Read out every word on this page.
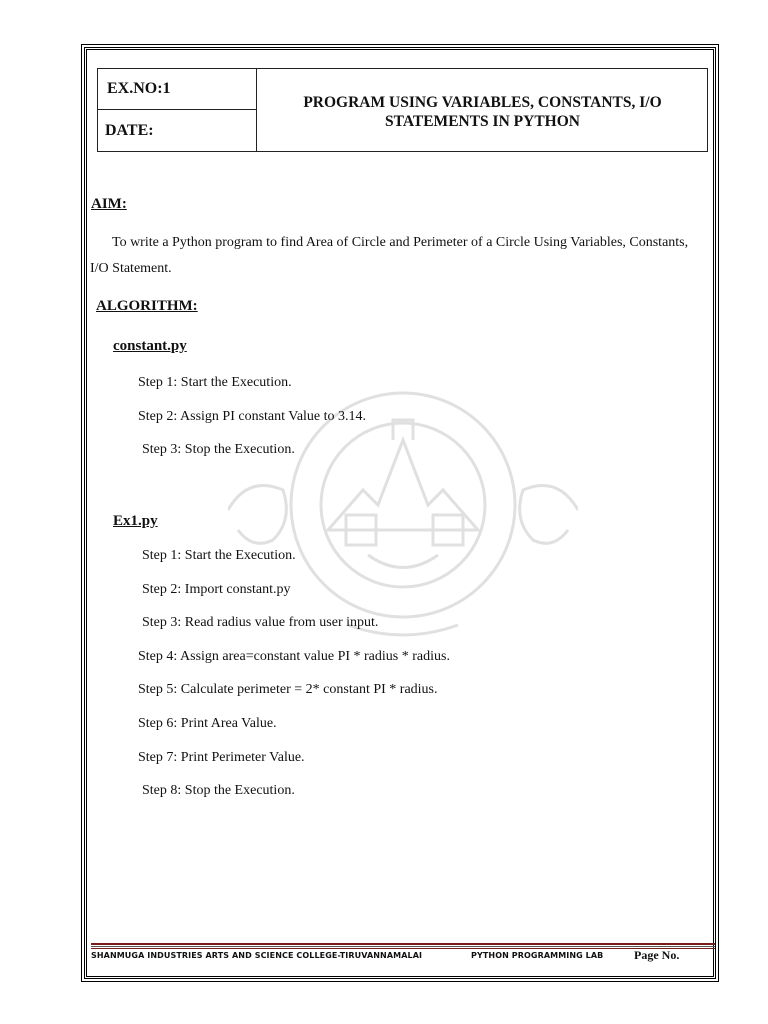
EX.NO:1
DATE:
PROGRAM USING VARIABLES, CONSTANTS, I/O STATEMENTS IN PYTHON
AIM:
To write a Python program to find Area of Circle and Perimeter of a Circle Using Variables, Constants, I/O Statement.
ALGORITHM:
constant.py
Step 1: Start the Execution.
Step 2: Assign PI constant Value to 3.14.
Step 3: Stop the Execution.
Ex1.py
Step 1: Start the Execution.
Step 2: Import constant.py
Step 3: Read radius value from user input.
Step 4: Assign area=constant value PI * radius * radius.
Step 5: Calculate perimeter = 2* constant PI * radius.
Step 6: Print Area Value.
Step 7: Print Perimeter Value.
Step 8: Stop the Execution.
SHANMUGA INDUSTRIES ARTS AND SCIENCE COLLEGE-TIRUVANNAMALAI	PYTHON PROGRAMMING LAB	Page No.
